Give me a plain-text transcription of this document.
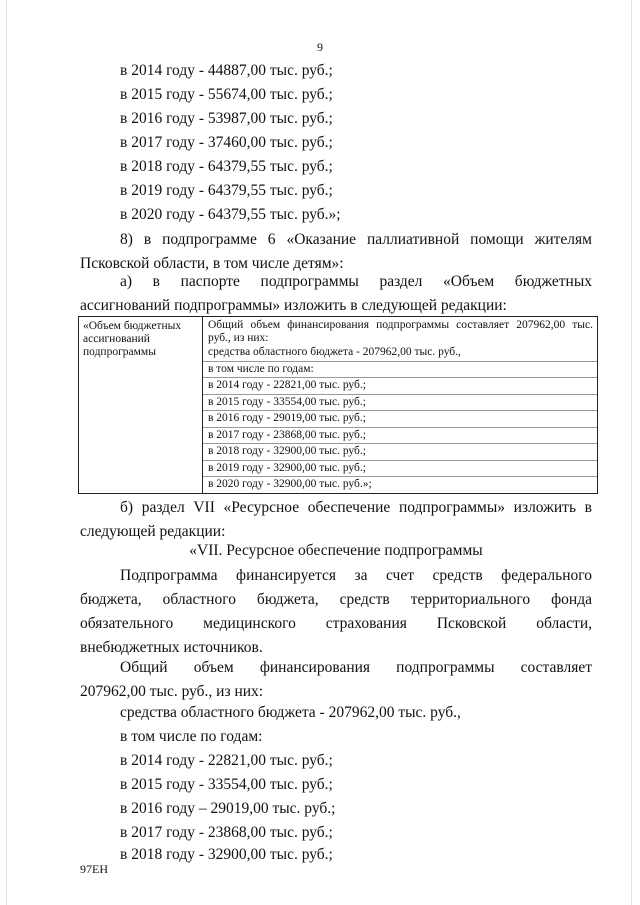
9
в 2014 году - 44887,00 тыс. руб.;
в 2015 году - 55674,00 тыс. руб.;
в 2016 году - 53987,00 тыс. руб.;
в 2017 году - 37460,00 тыс. руб.;
в 2018 году - 64379,55 тыс. руб.;
в 2019 году - 64379,55 тыс. руб.;
в 2020 году - 64379,55 тыс. руб.»;
8) в подпрограмме 6 «Оказание паллиативной помощи жителям
Псковской области, в том числе детям»:
а) в паспорте подпрограммы раздел «Объем бюджетных
ассигнований подпрограммы» изложить в следующей редакции:
«Объем бюджетных ассигнований подпрограммы
Общий объем финансирования подпрограммы составляет 207962,00 тыс. руб., из них:
средства областного бюджета - 207962,00 тыс. руб.,
в том числе по годам:
в 2014 году - 22821,00 тыс. руб.;
в 2015 году - 33554,00 тыс. руб.;
в 2016 году - 29019,00 тыс. руб.;
в 2017 году - 23868,00 тыс. руб.;
в 2018 году - 32900,00 тыс. руб.;
в 2019 году - 32900,00 тыс. руб.;
в 2020 году - 32900,00 тыс. руб.»;
б) раздел VII «Ресурсное обеспечение подпрограммы» изложить в
следующей редакции:
«VII. Ресурсное обеспечение подпрограммы
Подпрограмма финансируется за счет средств федерального
бюджета, областного бюджета, средств территориального фонда
обязательного медицинского страхования Псковской области,
внебюджетных источников.
Общий объем финансирования подпрограммы составляет
207962,00 тыс. руб., из них:
средства областного бюджета - 207962,00 тыс. руб.,
в том числе по годам:
в 2014 году - 22821,00 тыс. руб.;
в 2015 году - 33554,00 тыс. руб.;
в 2016 году – 29019,00 тыс. руб.;
в 2017 году - 23868,00 тыс. руб.;
в 2018 году - 32900,00 тыс. руб.;
97ЕН
